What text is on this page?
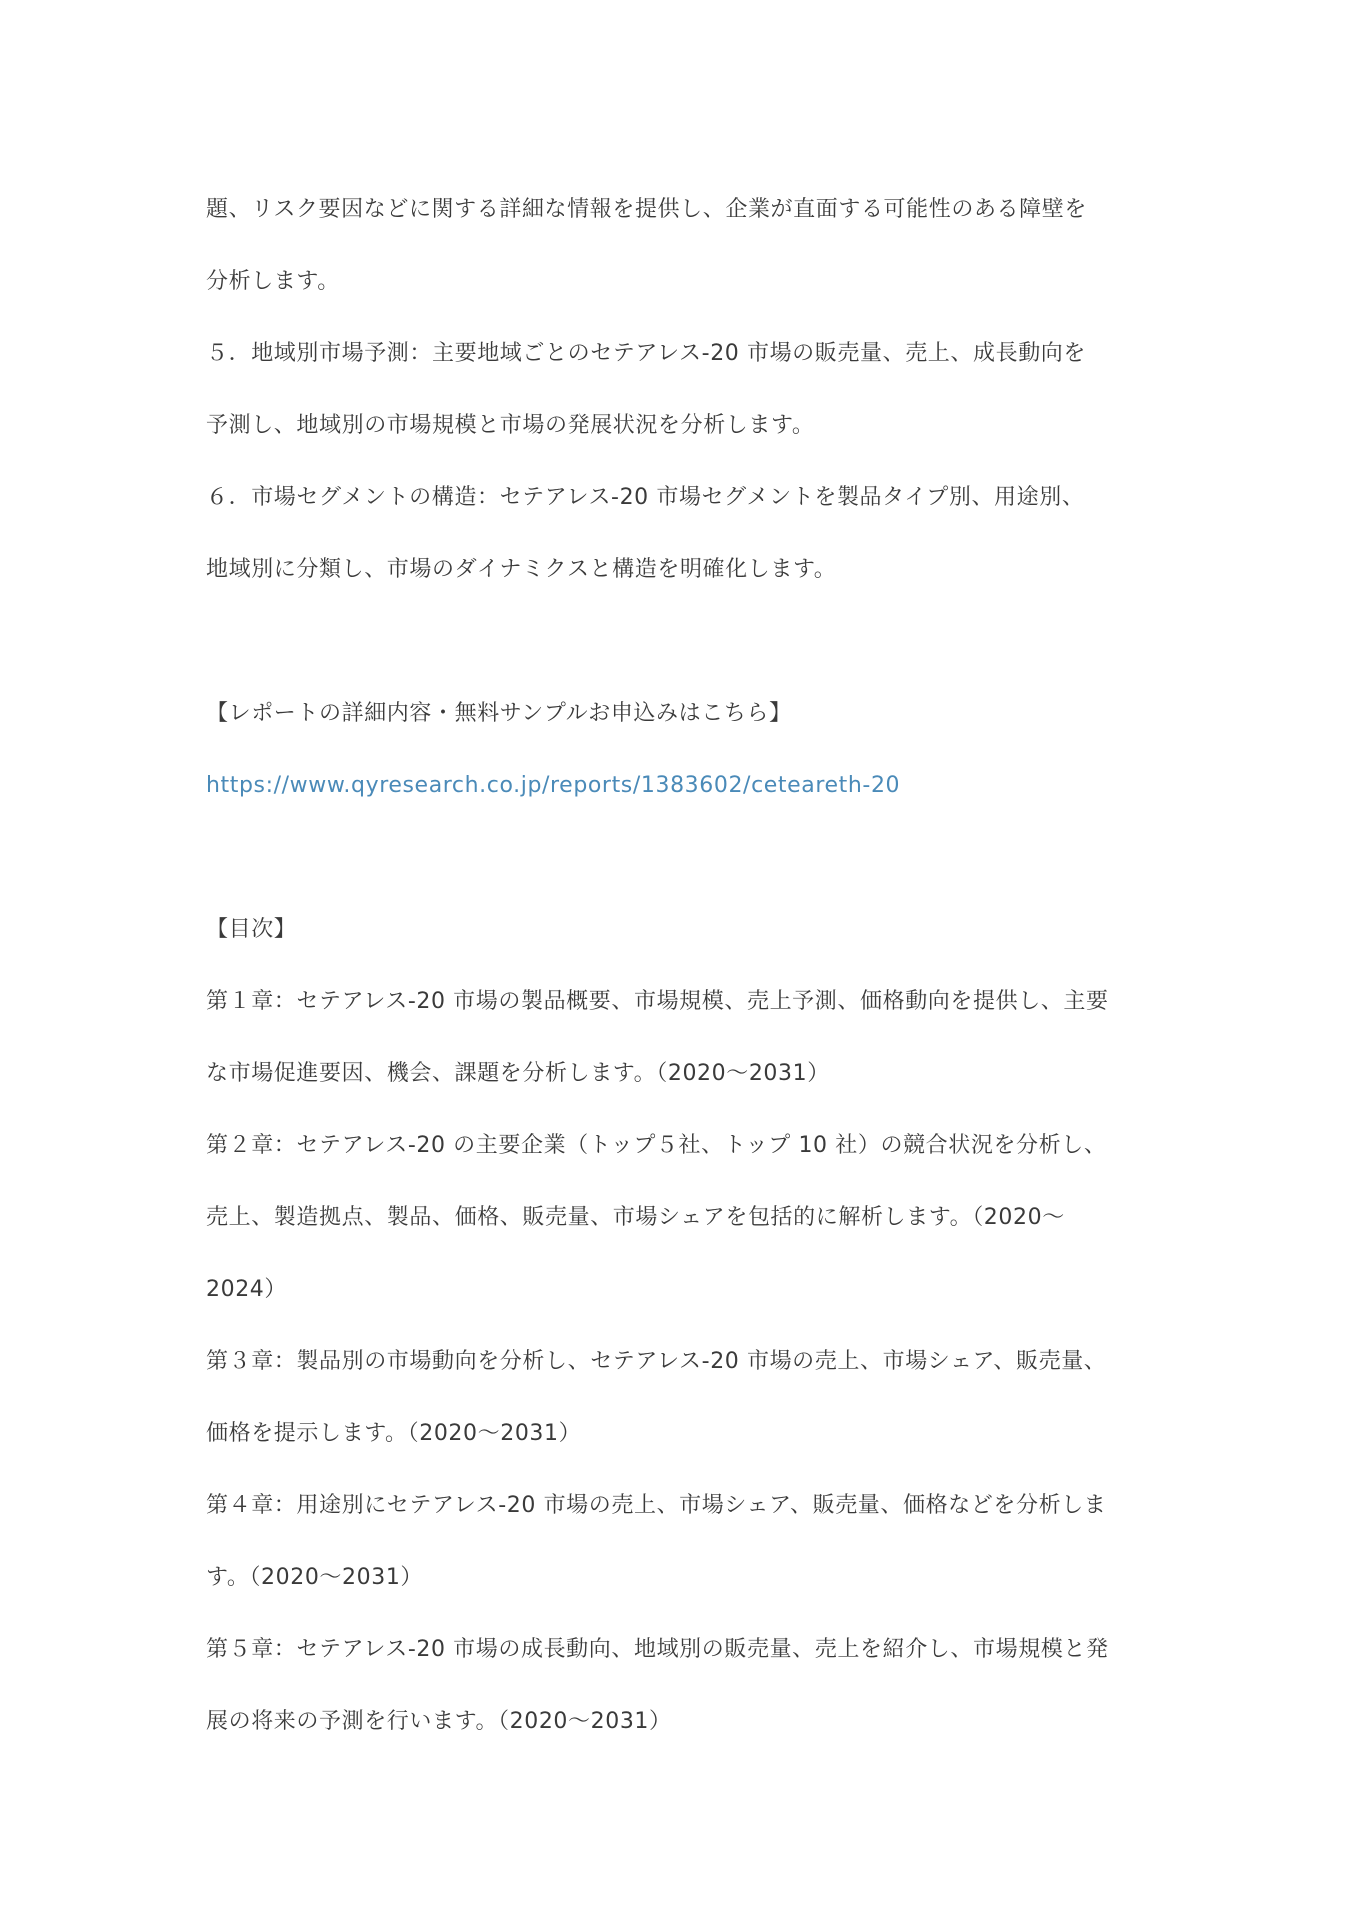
題、リスク要因などに関する詳細な情報を提供し、企業が直面する可能性のある障壁を
分析します。
５．地域別市場予測：主要地域ごとのセテアレス-20 市場の販売量、売上、成長動向を
予測し、地域別の市場規模と市場の発展状況を分析します。
６．市場セグメントの構造：セテアレス-20 市場セグメントを製品タイプ別、用途別、
地域別に分類し、市場のダイナミクスと構造を明確化します。
【レポートの詳細内容・無料サンプルお申込みはこちら】
https://www.qyresearch.co.jp/reports/1383602/ceteareth-20
【目次】
第１章：セテアレス-20 市場の製品概要、市場規模、売上予測、価格動向を提供し、主要
な市場促進要因、機会、課題を分析します。（2020～2031）
第２章：セテアレス-20 の主要企業（トップ５社、トップ 10 社）の競合状況を分析し、
売上、製造拠点、製品、価格、販売量、市場シェアを包括的に解析します。（2020～
2024）
第３章：製品別の市場動向を分析し、セテアレス-20 市場の売上、市場シェア、販売量、
価格を提示します。（2020～2031）
第４章：用途別にセテアレス-20 市場の売上、市場シェア、販売量、価格などを分析しま
す。（2020～2031）
第５章：セテアレス-20 市場の成長動向、地域別の販売量、売上を紹介し、市場規模と発
展の将来の予測を行います。（2020～2031）
